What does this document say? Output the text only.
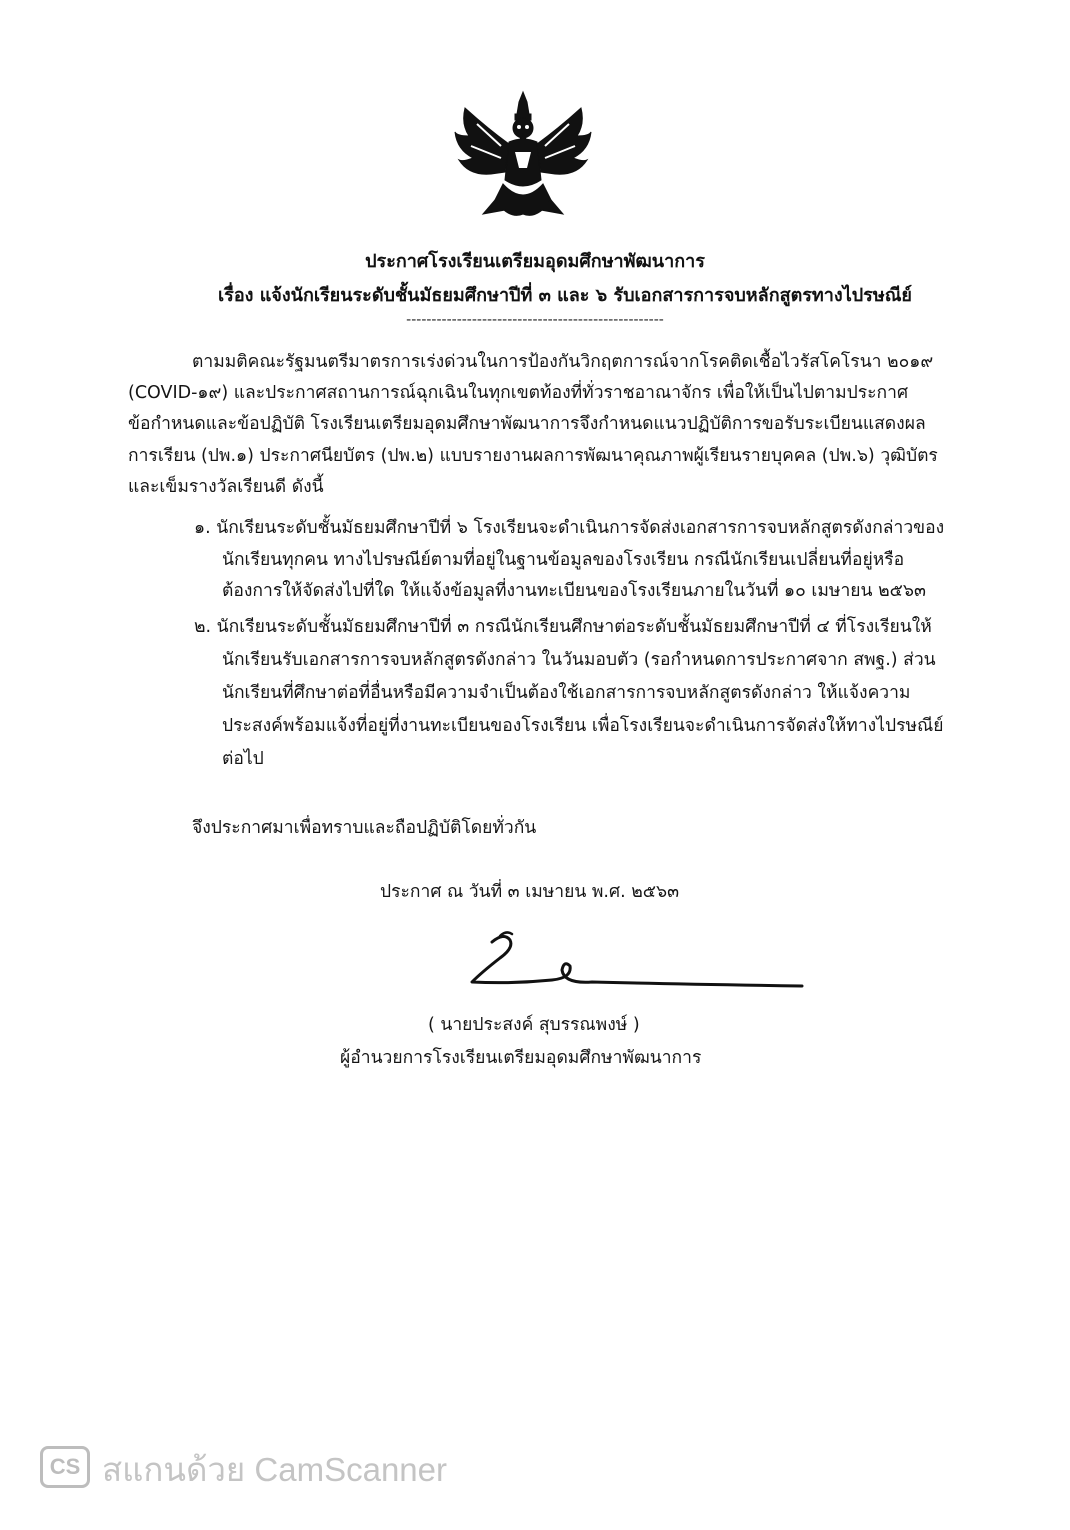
ประกาศโรงเรียนเตรียมอุดมศึกษาพัฒนาการ
เรื่อง แจ้งนักเรียนระดับชั้นมัธยมศึกษาปีที่ ๓ และ ๖ รับเอกสารการจบหลักสูตรทางไปรษณีย์
---------------------------------------------------
ตามมติคณะรัฐมนตรีมาตรการเร่งด่วนในการป้องกันวิกฤตการณ์จากโรคติดเชื้อไวรัสโคโรนา ๒๐๑๙
(COVID-๑๙) และประกาศสถานการณ์ฉุกเฉินในทุกเขตท้องที่ทั่วราชอาณาจักร เพื่อให้เป็นไปตามประกาศ
ข้อกำหนดและข้อปฏิบัติ โรงเรียนเตรียมอุดมศึกษาพัฒนาการจึงกำหนดแนวปฏิบัติการขอรับระเบียนแสดงผล
การเรียน (ปพ.๑) ประกาศนียบัตร (ปพ.๒) แบบรายงานผลการพัฒนาคุณภาพผู้เรียนรายบุคคล (ปพ.๖) วุฒิบัตร
และเข็มรางวัลเรียนดี ดังนี้
๑. นักเรียนระดับชั้นมัธยมศึกษาปีที่ ๖ โรงเรียนจะดำเนินการจัดส่งเอกสารการจบหลักสูตรดังกล่าวของ
นักเรียนทุกคน ทางไปรษณีย์ตามที่อยู่ในฐานข้อมูลของโรงเรียน กรณีนักเรียนเปลี่ยนที่อยู่หรือ
ต้องการให้จัดส่งไปที่ใด ให้แจ้งข้อมูลที่งานทะเบียนของโรงเรียนภายในวันที่ ๑๐ เมษายน ๒๕๖๓
๒. นักเรียนระดับชั้นมัธยมศึกษาปีที่ ๓ กรณีนักเรียนศึกษาต่อระดับชั้นมัธยมศึกษาปีที่ ๔ ที่โรงเรียนให้
นักเรียนรับเอกสารการจบหลักสูตรดังกล่าว ในวันมอบตัว (รอกำหนดการประกาศจาก สพฐ.) ส่วน
นักเรียนที่ศึกษาต่อที่อื่นหรือมีความจำเป็นต้องใช้เอกสารการจบหลักสูตรดังกล่าว ให้แจ้งความ
ประสงค์พร้อมแจ้งที่อยู่ที่งานทะเบียนของโรงเรียน เพื่อโรงเรียนจะดำเนินการจัดส่งให้ทางไปรษณีย์
ต่อไป
จึงประกาศมาเพื่อทราบและถือปฏิบัติโดยทั่วกัน
ประกาศ ณ วันที่ ๓ เมษายน พ.ศ. ๒๕๖๓
( นายประสงค์ สุบรรณพงษ์ )
ผู้อำนวยการโรงเรียนเตรียมอุดมศึกษาพัฒนาการ
CS สแกนด้วย CamScanner
